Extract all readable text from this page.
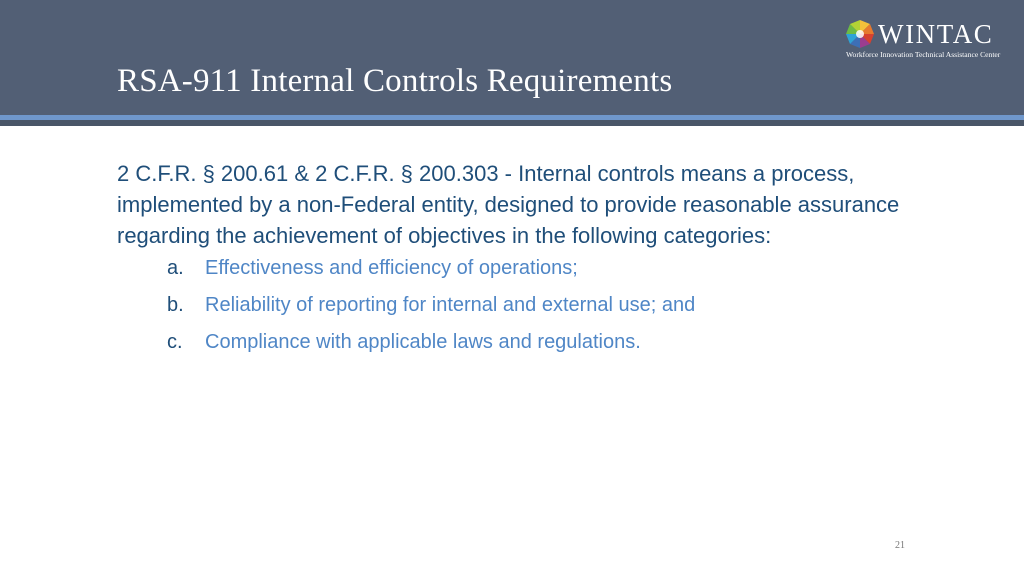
WINTAC
Workforce Innovation Technical Assistance Center
RSA-911 Internal Controls Requirements

2 C.F.R. § 200.61 & 2 C.F.R. § 200.303 - Internal controls means a process, implemented by a non-Federal entity, designed to provide reasonable assurance regarding the achievement of objectives in the following categories:

a.	Effectiveness and efficiency of operations;
b.	Reliability of reporting for internal and external use; and
c.	Compliance with applicable laws and regulations.
21
